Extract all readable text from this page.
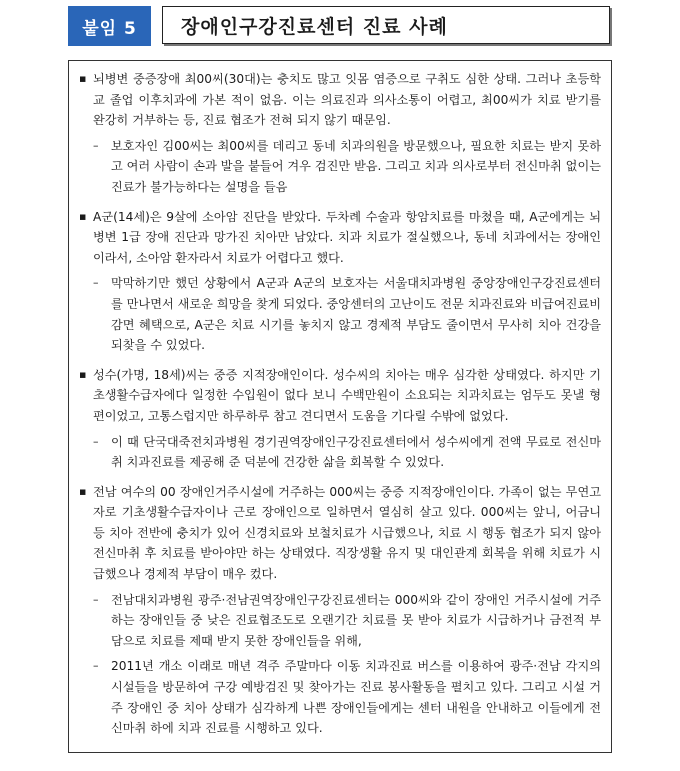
붙임 5	장애인구강진료센터 진료 사례
▪ 뇌병변 중증장애 최00씨(30대)는 충치도 많고 잇몸 염증으로 구취도 심한 상태. 그러나 초등학교 졸업 이후치과에 가본 적이 없음. 이는 의료진과 의사소통이 어렵고, 최00씨가 치료 받기를 완강히 거부하는 등, 진료 협조가 전혀 되지 않기 때문임.
– 보호자인 김00씨는 최00씨를 데리고 동네 치과의원을 방문했으나, 필요한 치료는 받지 못하고 여러 사람이 손과 발을 붙들어 겨우 검진만 받음. 그리고 치과 의사로부터 전신마취 없이는 진료가 불가능하다는 설명을 들음
▪ A군(14세)은 9살에 소아암 진단을 받았다. 두차례 수술과 항암치료를 마쳤을 때, A군에게는 뇌병변 1급 장애 진단과 망가진 치아만 남았다. 치과 치료가 절실했으나, 동네 치과에서는 장애인이라서, 소아암 환자라서 치료가 어렵다고 했다.
– 막막하기만 했던 상황에서 A군과 A군의 보호자는 서울대치과병원 중앙장애인구강진료센터를 만나면서 새로운 희망을 찾게 되었다. 중앙센터의 고난이도 전문 치과진료와 비급여진료비 감면 혜택으로, A군은 치료 시기를 놓치지 않고 경제적 부담도 줄이면서 무사히 치아 건강을 되찾을 수 있었다.
▪ 성수(가명, 18세)씨는 중증 지적장애인이다. 성수씨의 치아는 매우 심각한 상태였다. 하지만 기초생활수급자에다 일정한 수입원이 없다 보니 수백만원이 소요되는 치과치료는 엄두도 못낼 형편이었고, 고통스럽지만 하루하루 참고 견디면서 도움을 기다릴 수밖에 없었다.
– 이 때 단국대죽전치과병원 경기권역장애인구강진료센터에서 성수씨에게 전액 무료로 전신마취 치과진료를 제공해 준 덕분에 건강한 삶을 회복할 수 있었다.
▪ 전남 여수의 00 장애인거주시설에 거주하는 000씨는 중증 지적장애인이다. 가족이 없는 무연고자로 기초생활수급자이나 근로 장애인으로 일하면서 열심히 살고 있다. 000씨는 앞니, 어금니 등 치아 전반에 충치가 있어 신경치료와 보철치료가 시급했으나, 치료 시 행동 협조가 되지 않아 전신마취 후 치료를 받아야만 하는 상태였다. 직장생활 유지 및 대인관계 회복을 위해 치료가 시급했으나 경제적 부담이 매우 컸다.
– 전남대치과병원 광주·전남권역장애인구강진료센터는 000씨와 같이 장애인 거주시설에 거주하는 장애인들 중 낮은 진료협조도로 오랜기간 치료를 못 받아 치료가 시급하거나 금전적 부담으로 치료를 제때 받지 못한 장애인들을 위해,
– 2011년 개소 이래로 매년 격주 주말마다 이동 치과진료 버스를 이용하여 광주·전남 각지의 시설들을 방문하여 구강 예방검진 및 찾아가는 진료 봉사활동을 펼치고 있다. 그리고 시설 거주 장애인 중 치아 상태가 심각하게 나쁜 장애인들에게는 센터 내원을 안내하고 이들에게 전신마취 하에 치과 진료를 시행하고 있다.
